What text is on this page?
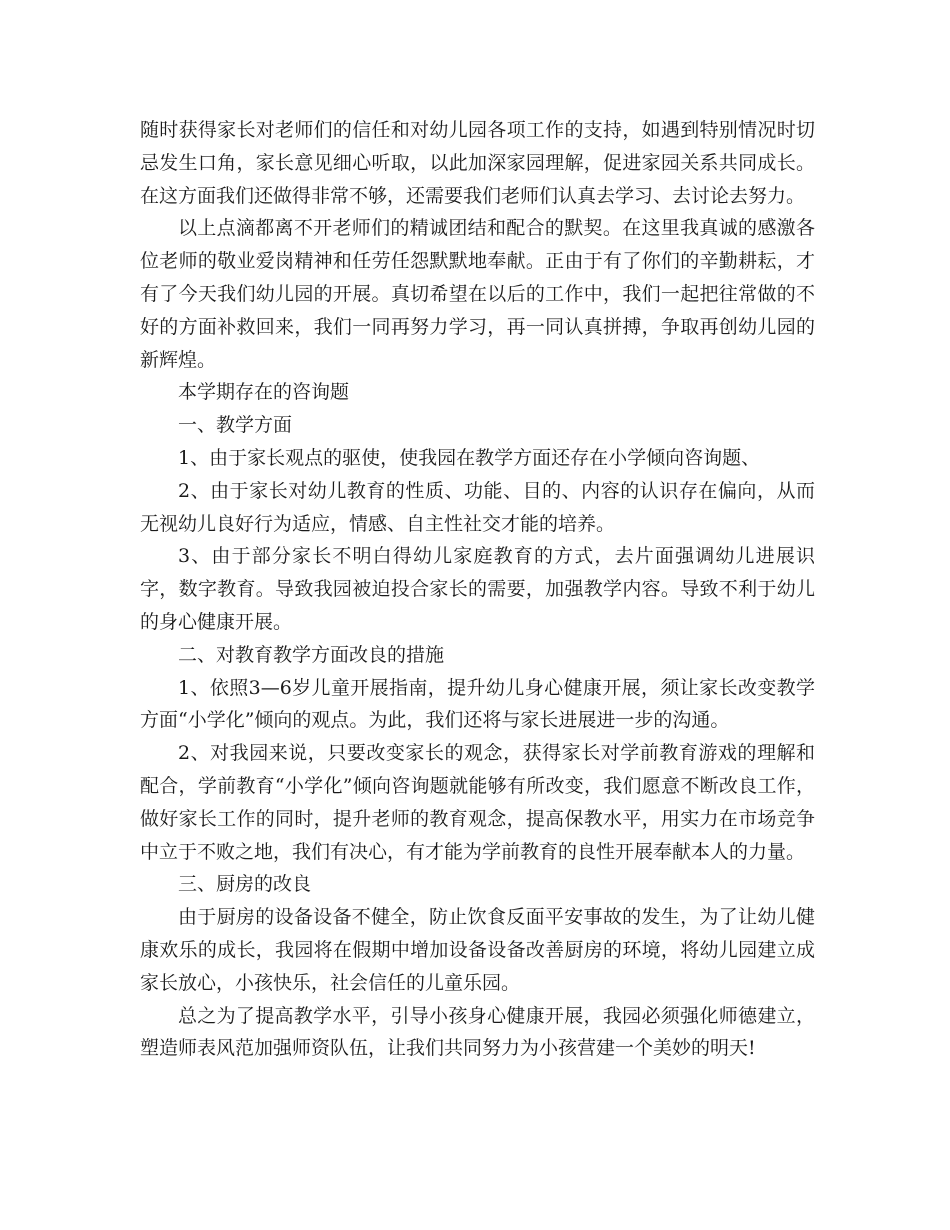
随时获得家长对老师们的信任和对幼儿园各项工作的支持，如遇到特别情况时切忌发生口角，家长意见细心听取，以此加深家园理解，促进家园关系共同成长。在这方面我们还做得非常不够，还需要我们老师们认真去学习、去讨论去努力。

以上点滴都离不开老师们的精诚团结和配合的默契。在这里我真诚的感激各位老师的敬业爱岗精神和任劳任怨默默地奉献。正由于有了你们的辛勤耕耘，才有了今天我们幼儿园的开展。真切希望在以后的工作中，我们一起把往常做的不好的方面补救回来，我们一同再努力学习，再一同认真拼搏，争取再创幼儿园的新辉煌。

本学期存在的咨询题

一、教学方面

1、由于家长观点的驱使，使我园在教学方面还存在小学倾向咨询题、

2、由于家长对幼儿教育的性质、功能、目的、内容的认识存在偏向，从而无视幼儿良好行为适应，情感、自主性社交才能的培养。

3、由于部分家长不明白得幼儿家庭教育的方式，去片面强调幼儿进展识字，数字教育。导致我园被迫投合家长的需要，加强教学内容。导致不利于幼儿的身心健康开展。

二、对教育教学方面改良的措施

1、依照3—6岁儿童开展指南，提升幼儿身心健康开展，须让家长改变教学方面“小学化”倾向的观点。为此，我们还将与家长进展进一步的沟通。

2、对我园来说，只要改变家长的观念，获得家长对学前教育游戏的理解和配合，学前教育“小学化”倾向咨询题就能够有所改变，我们愿意不断改良工作，做好家长工作的同时，提升老师的教育观念，提高保教水平，用实力在市场竞争中立于不败之地，我们有决心，有才能为学前教育的良性开展奉献本人的力量。

三、厨房的改良

由于厨房的设备设备不健全，防止饮食反面平安事故的发生，为了让幼儿健康欢乐的成长，我园将在假期中增加设备设备改善厨房的环境，将幼儿园建立成家长放心，小孩快乐，社会信任的儿童乐园。

总之为了提高教学水平，引导小孩身心健康开展，我园必须强化师德建立，塑造师表风范加强师资队伍，让我们共同努力为小孩营建一个美妙的明天!
